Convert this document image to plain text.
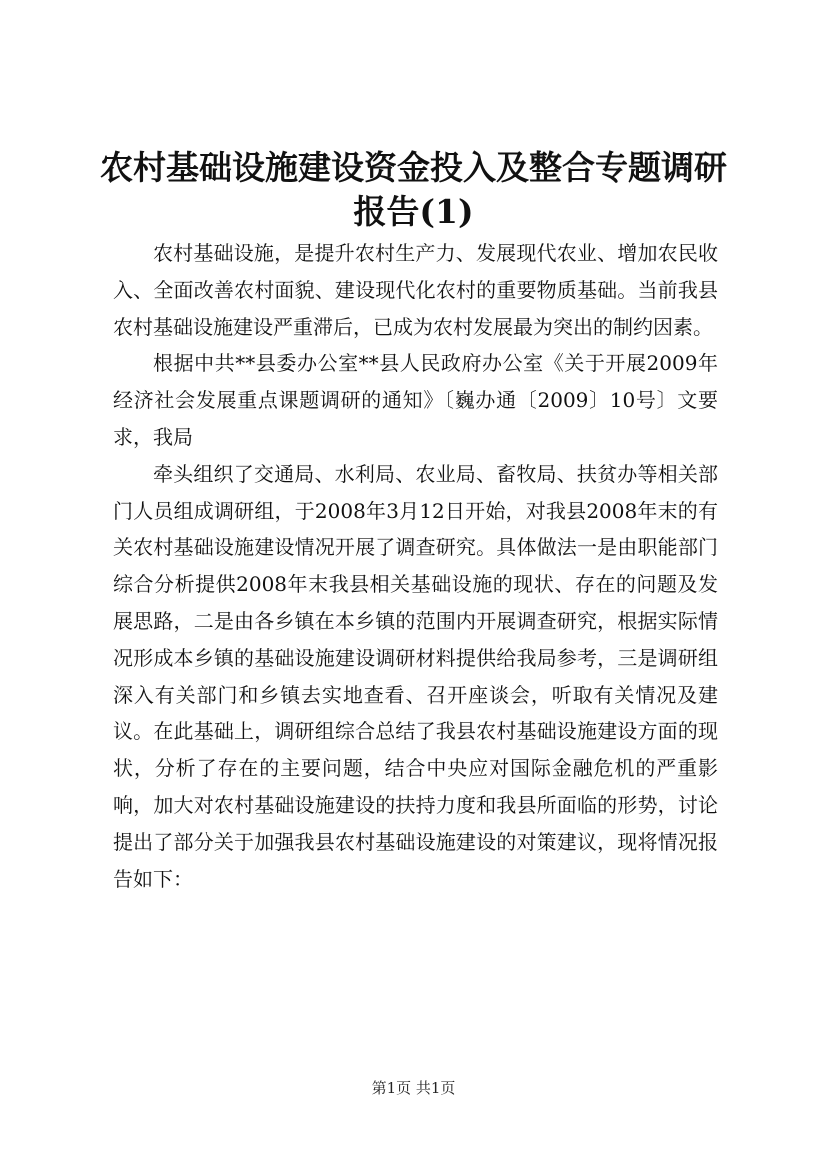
农村基础设施建设资金投入及整合专题调研报告(1)

农村基础设施，是提升农村生产力、发展现代农业、增加农民收入、全面改善农村面貌、建设现代化农村的重要物质基础。当前我县农村基础设施建设严重滞后，已成为农村发展最为突出的制约因素。

根据中共**县委办公室**县人民政府办公室《关于开展2009年经济社会发展重点课题调研的通知》〔巍办通〔2009〕10号〕文要求，我局

牵头组织了交通局、水利局、农业局、畜牧局、扶贫办等相关部门人员组成调研组，于2008年3月12日开始，对我县2008年末的有关农村基础设施建设情况开展了调查研究。具体做法一是由职能部门综合分析提供2008年末我县相关基础设施的现状、存在的问题及发展思路，二是由各乡镇在本乡镇的范围内开展调查研究，根据实际情况形成本乡镇的基础设施建设调研材料提供给我局参考，三是调研组深入有关部门和乡镇去实地查看、召开座谈会，听取有关情况及建议。在此基础上，调研组综合总结了我县农村基础设施建设方面的现状，分析了存在的主要问题，结合中央应对国际金融危机的严重影响，加大对农村基础设施建设的扶持力度和我县所面临的形势，讨论提出了部分关于加强我县农村基础设施建设的对策建议，现将情况报告如下：

第1页 共1页
